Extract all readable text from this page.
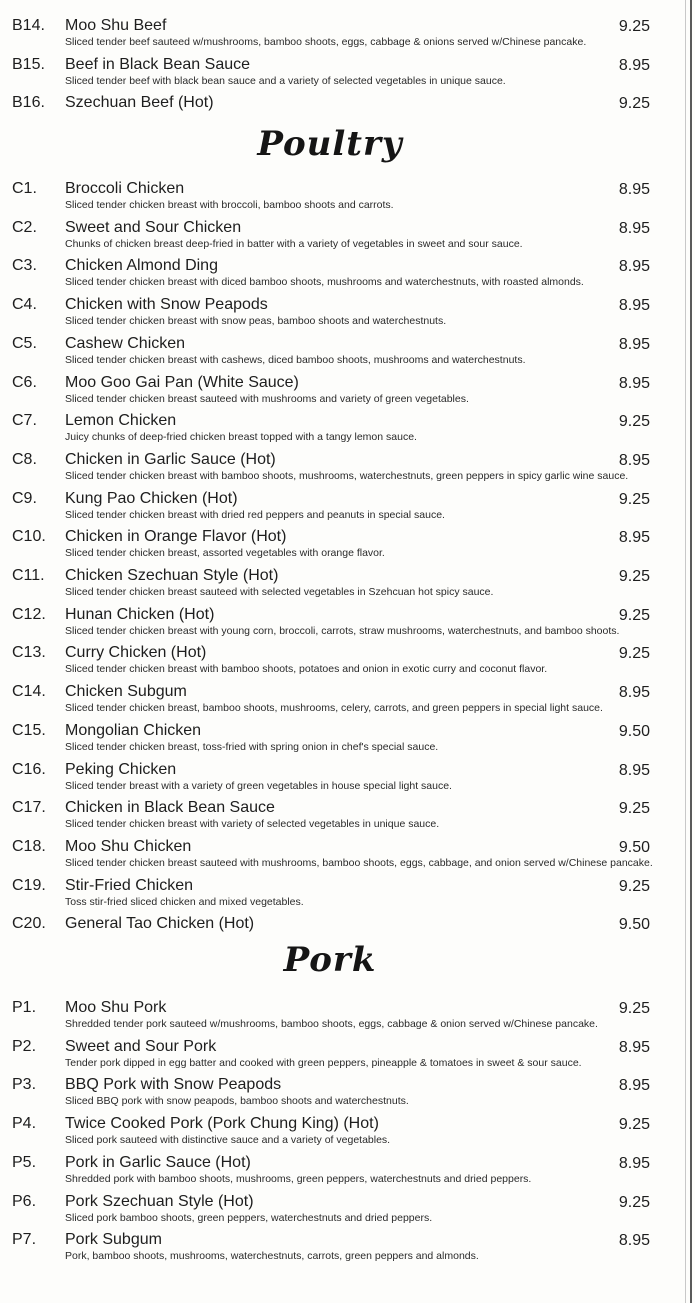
B14. Moo Shu Beef	9.25
Sliced tender beef sauteed w/mushrooms, bamboo shoots, eggs, cabbage & onions served w/Chinese pancake.
B15. Beef in Black Bean Sauce	8.95
Sliced tender beef with black bean sauce and a variety of selected vegetables in unique sauce.
B16. Szechuan Beef (Hot)	9.25
Poultry
C1. Broccoli Chicken	8.95
Sliced tender chicken breast with broccoli, bamboo shoots and carrots.
C2. Sweet and Sour Chicken	8.95
Chunks of chicken breast deep-fried in batter with a variety of vegetables in sweet and sour sauce.
C3. Chicken Almond Ding	8.95
Sliced tender chicken breast with diced bamboo shoots, mushrooms and waterchestnuts, with roasted almonds.
C4. Chicken with Snow Peapods	8.95
Sliced tender chicken breast with snow peas, bamboo shoots and waterchestnuts.
C5. Cashew Chicken	8.95
Sliced tender chicken breast with cashews, diced bamboo shoots, mushrooms and waterchestnuts.
C6. Moo Goo Gai Pan (White Sauce)	8.95
Sliced tender chicken breast sauteed with mushrooms and variety of green vegetables.
C7. Lemon Chicken	9.25
Juicy chunks of deep-fried chicken breast topped with a tangy lemon sauce.
C8. Chicken in Garlic Sauce (Hot)	8.95
Sliced tender chicken breast with bamboo shoots, mushrooms, waterchestnuts, green peppers in spicy garlic wine sauce.
C9. Kung Pao Chicken (Hot)	9.25
Sliced tender chicken breast with dried red peppers and peanuts in special sauce.
C10. Chicken in Orange Flavor (Hot)	8.95
Sliced tender chicken breast, assorted vegetables with orange flavor.
C11. Chicken Szechuan Style (Hot)	9.25
Sliced tender chicken breast sauteed with selected vegetables in Szehcuan hot spicy sauce.
C12. Hunan Chicken (Hot)	9.25
Sliced tender chicken breast with young corn, broccoli, carrots, straw mushrooms, waterchestnuts, and bamboo shoots.
C13. Curry Chicken (Hot)	9.25
Sliced tender chicken breast with bamboo shoots, potatoes and onion in exotic curry and coconut flavor.
C14. Chicken Subgum	8.95
Sliced tender chicken breast, bamboo shoots, mushrooms, celery, carrots, and green peppers in special light sauce.
C15. Mongolian Chicken	9.50
Sliced tender chicken breast, toss-fried with spring onion in chef's special sauce.
C16. Peking Chicken	8.95
Sliced tender breast with a variety of green vegetables in house special light sauce.
C17. Chicken in Black Bean Sauce	9.25
Sliced tender chicken breast with variety of selected vegetables in unique sauce.
C18. Moo Shu Chicken	9.50
Sliced tender chicken breast sauteed with mushrooms, bamboo shoots, eggs, cabbage, and onion served w/Chinese pancake.
C19. Stir-Fried Chicken	9.25
Toss stir-fried sliced chicken and mixed vegetables.
C20. General Tao Chicken (Hot)	9.50
Pork
P1. Moo Shu Pork	9.25
Shredded tender pork sauteed w/mushrooms, bamboo shoots, eggs, cabbage & onion served w/Chinese pancake.
P2. Sweet and Sour Pork	8.95
Tender pork dipped in egg batter and cooked with green peppers, pineapple & tomatoes in sweet & sour sauce.
P3. BBQ Pork with Snow Peapods	8.95
Sliced BBQ pork with snow peapods, bamboo shoots and waterchestnuts.
P4. Twice Cooked Pork (Pork Chung King) (Hot)	9.25
Sliced pork sauteed with distinctive sauce and a variety of vegetables.
P5. Pork in Garlic Sauce (Hot)	8.95
Shredded pork with bamboo shoots, mushrooms, green peppers, waterchestnuts and dried peppers.
P6. Pork Szechuan Style (Hot)	9.25
Sliced pork bamboo shoots, green peppers, waterchestnuts and dried peppers.
P7. Pork Subgum	8.95
Pork, bamboo shoots, mushrooms, waterchestnuts, carrots, green peppers and almonds.
